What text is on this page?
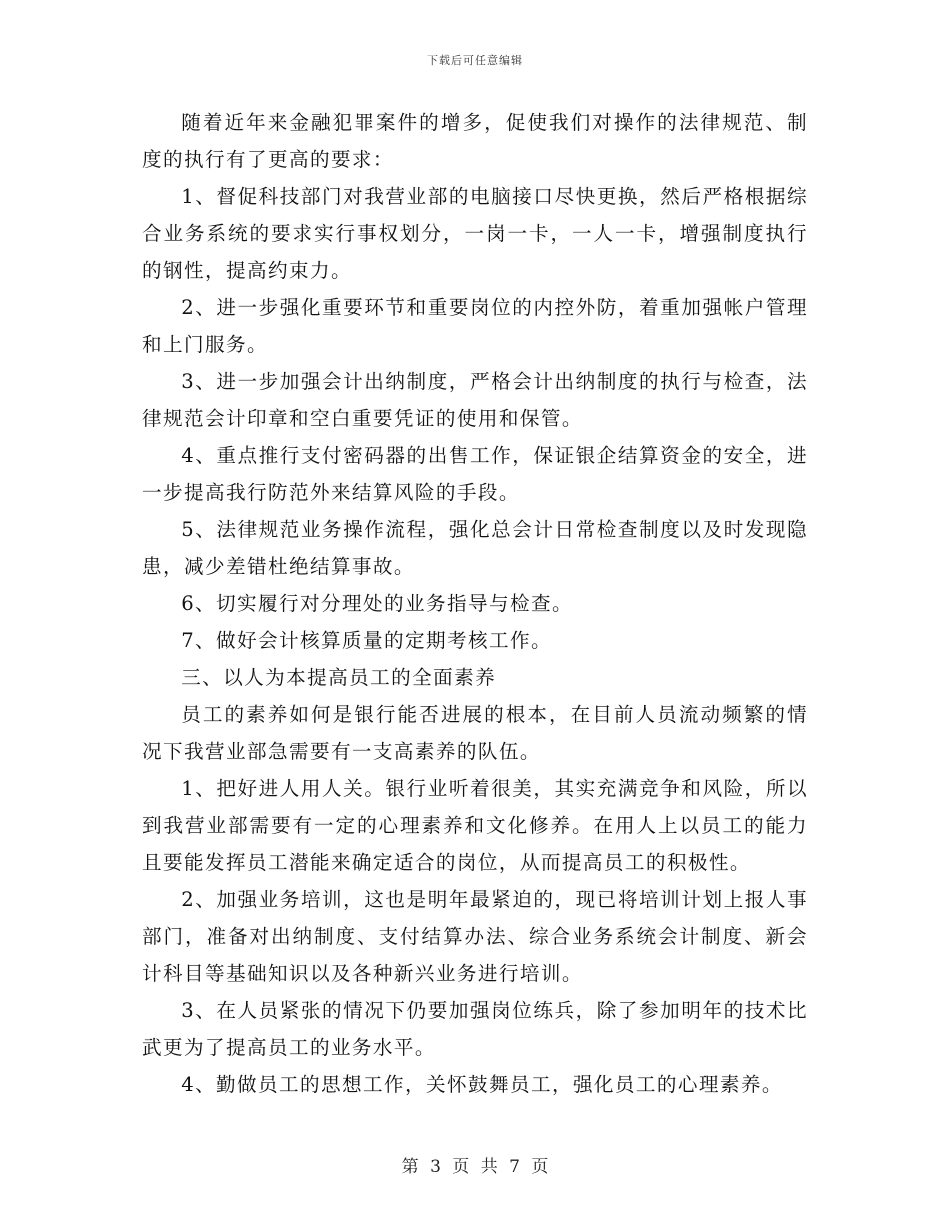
下载后可任意编辑

随着近年来金融犯罪案件的增多，促使我们对操作的法律规范、制度的执行有了更高的要求：

1、督促科技部门对我营业部的电脑接口尽快更换，然后严格根据综合业务系统的要求实行事权划分，一岗一卡，一人一卡，增强制度执行的钢性，提高约束力。

2、进一步强化重要环节和重要岗位的内控外防，着重加强帐户管理和上门服务。

3、进一步加强会计出纳制度，严格会计出纳制度的执行与检查，法律规范会计印章和空白重要凭证的使用和保管。

4、重点推行支付密码器的出售工作，保证银企结算资金的安全，进一步提高我行防范外来结算风险的手段。

5、法律规范业务操作流程，强化总会计日常检查制度以及时发现隐患，减少差错杜绝结算事故。

6、切实履行对分理处的业务指导与检查。

7、做好会计核算质量的定期考核工作。

三、以人为本提高员工的全面素养

员工的素养如何是银行能否进展的根本，在目前人员流动频繁的情况下我营业部急需要有一支高素养的队伍。

1、把好进人用人关。银行业听着很美，其实充满竞争和风险，所以到我营业部需要有一定的心理素养和文化修养。在用人上以员工的能力且要能发挥员工潜能来确定适合的岗位，从而提高员工的积极性。

2、加强业务培训，这也是明年最紧迫的，现已将培训计划上报人事部门，准备对出纳制度、支付结算办法、综合业务系统会计制度、新会计科目等基础知识以及各种新兴业务进行培训。

3、在人员紧张的情况下仍要加强岗位练兵，除了参加明年的技术比武更为了提高员工的业务水平。

4、勤做员工的思想工作，关怀鼓舞员工，强化员工的心理素养。

第 3 页 共 7 页
